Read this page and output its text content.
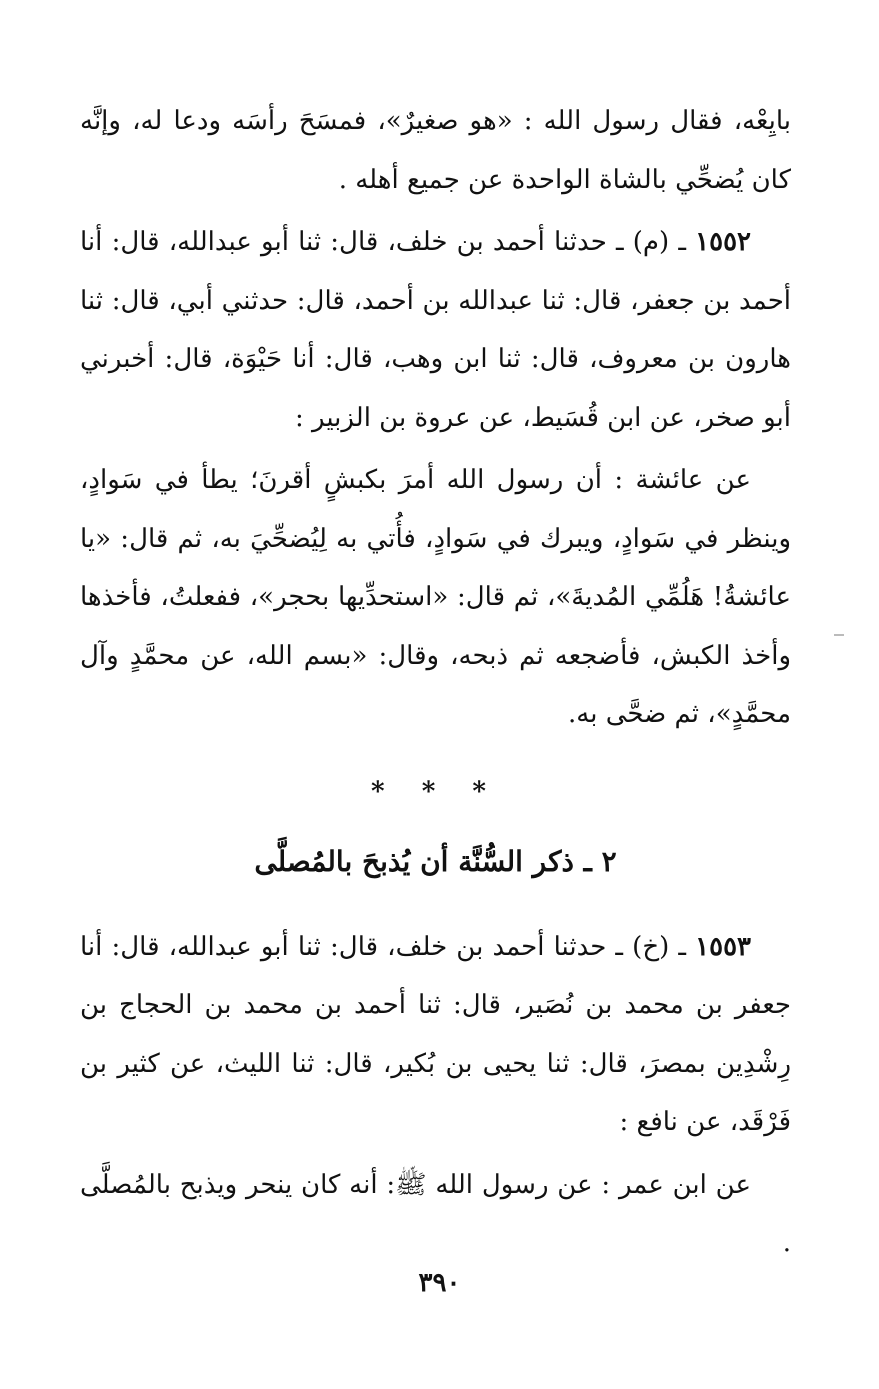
بايِعْه، فقال رسول الله : «هو صغيرٌ»، فمسَحَ رأسَه ودعا له، وإنَّه كان يُضحِّي بالشاة الواحدة عن جميع أهله .

١٥٥٢ ـ (م) ـ حدثنا أحمد بن خلف، قال: ثنا أبو عبدالله، قال: أنا أحمد بن جعفر، قال: ثنا عبدالله بن أحمد، قال: حدثني أبي، قال: ثنا هارون بن معروف، قال: ثنا ابن وهب، قال: أنا حَيْوَة، قال: أخبرني أبو صخر، عن ابن قُسَيط، عن عروة بن الزبير :

عن عائشة : أن رسول الله أمرَ بكبشٍ أقرنَ؛ يطأ في سَوادٍ، وينظر في سَوادٍ، ويبرك في سَوادٍ، فأُتي به لِيُضحِّيَ به، ثم قال: «يا عائشةُ! هَلُمِّي المُديةَ»، ثم قال: «استحدِّيها بحجر»، ففعلتُ، فأخذها وأخذ الكبش، فأضجعه ثم ذبحه، وقال: «بسم الله، عن محمَّدٍ وآل محمَّدٍ»، ثم ضحَّى به.

* * *
٢ ـ ذكر السُّنَّة أن يُذبحَ بالمُصلَّى

١٥٥٣ ـ (خ) ـ حدثنا أحمد بن خلف، قال: ثنا أبو عبدالله، قال: أنا جعفر بن محمد بن نُصَير، قال: ثنا أحمد بن محمد بن الحجاج بن رِشْدِين بمصرَ، قال: ثنا يحيى بن بُكير، قال: ثنا الليث، عن كثير بن فَرْقَد، عن نافع :

عن ابن عمر : عن رسول الله ﷺ: أنه كان ينحر ويذبح بالمُصلَّى .

٣٩٠
